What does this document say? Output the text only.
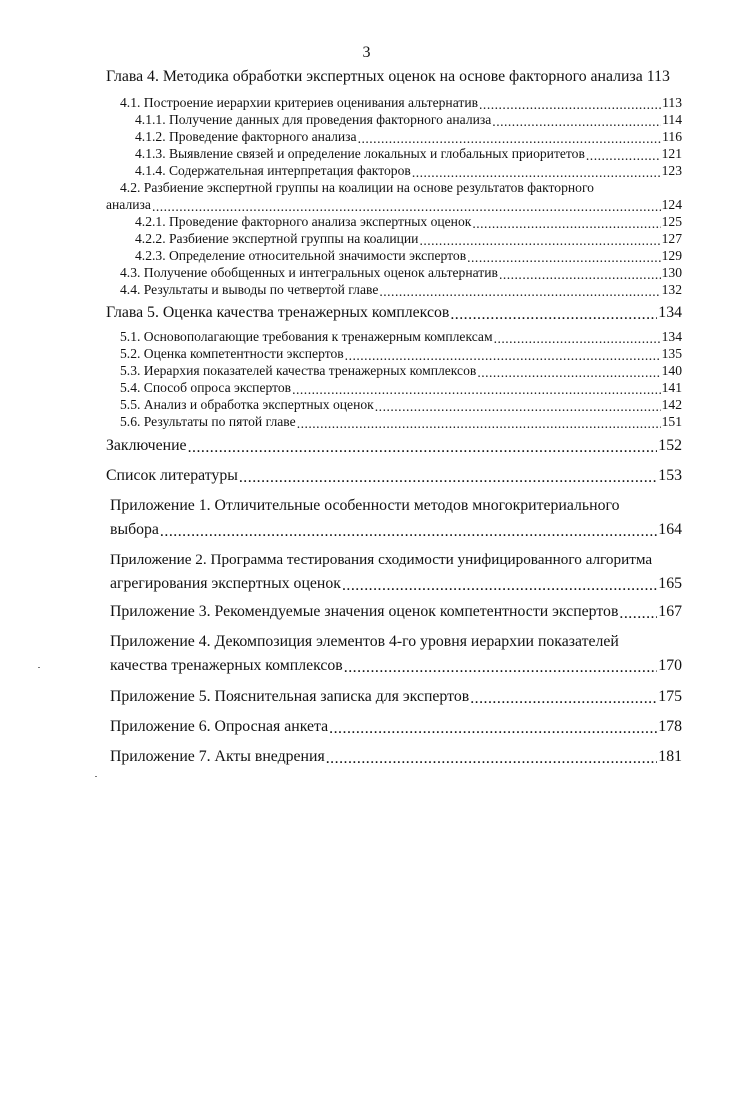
3
Глава 4. Методика обработки экспертных оценок на основе факторного анализа 113
4.1. Построение иерархии критериев оценивания альтернатив .....	113
4.1.1. Получение данных для проведения факторного анализа .....	114
4.1.2. Проведение факторного анализа .....	116
4.1.3. Выявление связей и определение локальных и глобальных приоритетов .....	121
4.1.4. Содержательная интерпретация факторов .....	123
4.2. Разбиение экспертной группы на коалиции на основе результатов факторного
анализа .....	124
4.2.1. Проведение факторного анализа экспертных оценок .....	125
4.2.2. Разбиение экспертной группы на коалиции .....	127
4.2.3. Определение относительной значимости экспертов .....	129
4.3. Получение обобщенных и интегральных оценок альтернатив .....	130
4.4. Результаты и выводы по четвертой главе .....	132
Глава 5. Оценка качества тренажерных комплексов .....	134
5.1. Основополагающие требования к тренажерным комплексам .....	134
5.2. Оценка компетентности экспертов .....	135
5.3. Иерархия показателей качества тренажерных комплексов .....	140
5.4. Способ опроса экспертов .....	141
5.5. Анализ и обработка экспертных оценок .....	142
5.6. Результаты по пятой главе .....	151
Заключение .....	152
Список литературы .....	153
Приложение 1. Отличительные особенности методов многокритериального
выбора .....	164
Приложение 2. Программа тестирования сходимости унифицированного алгоритма
агрегирования экспертных оценок .....	165
Приложение 3. Рекомендуемые значения оценок компетентности экспертов .....	167
Приложение 4. Декомпозиция элементов 4-го уровня иерархии показателей
качества тренажерных комплексов .....	170
Приложение 5. Пояснительная записка для экспертов .....	175
Приложение 6. Опросная анкета .....	178
Приложение 7. Акты внедрения .....	181
